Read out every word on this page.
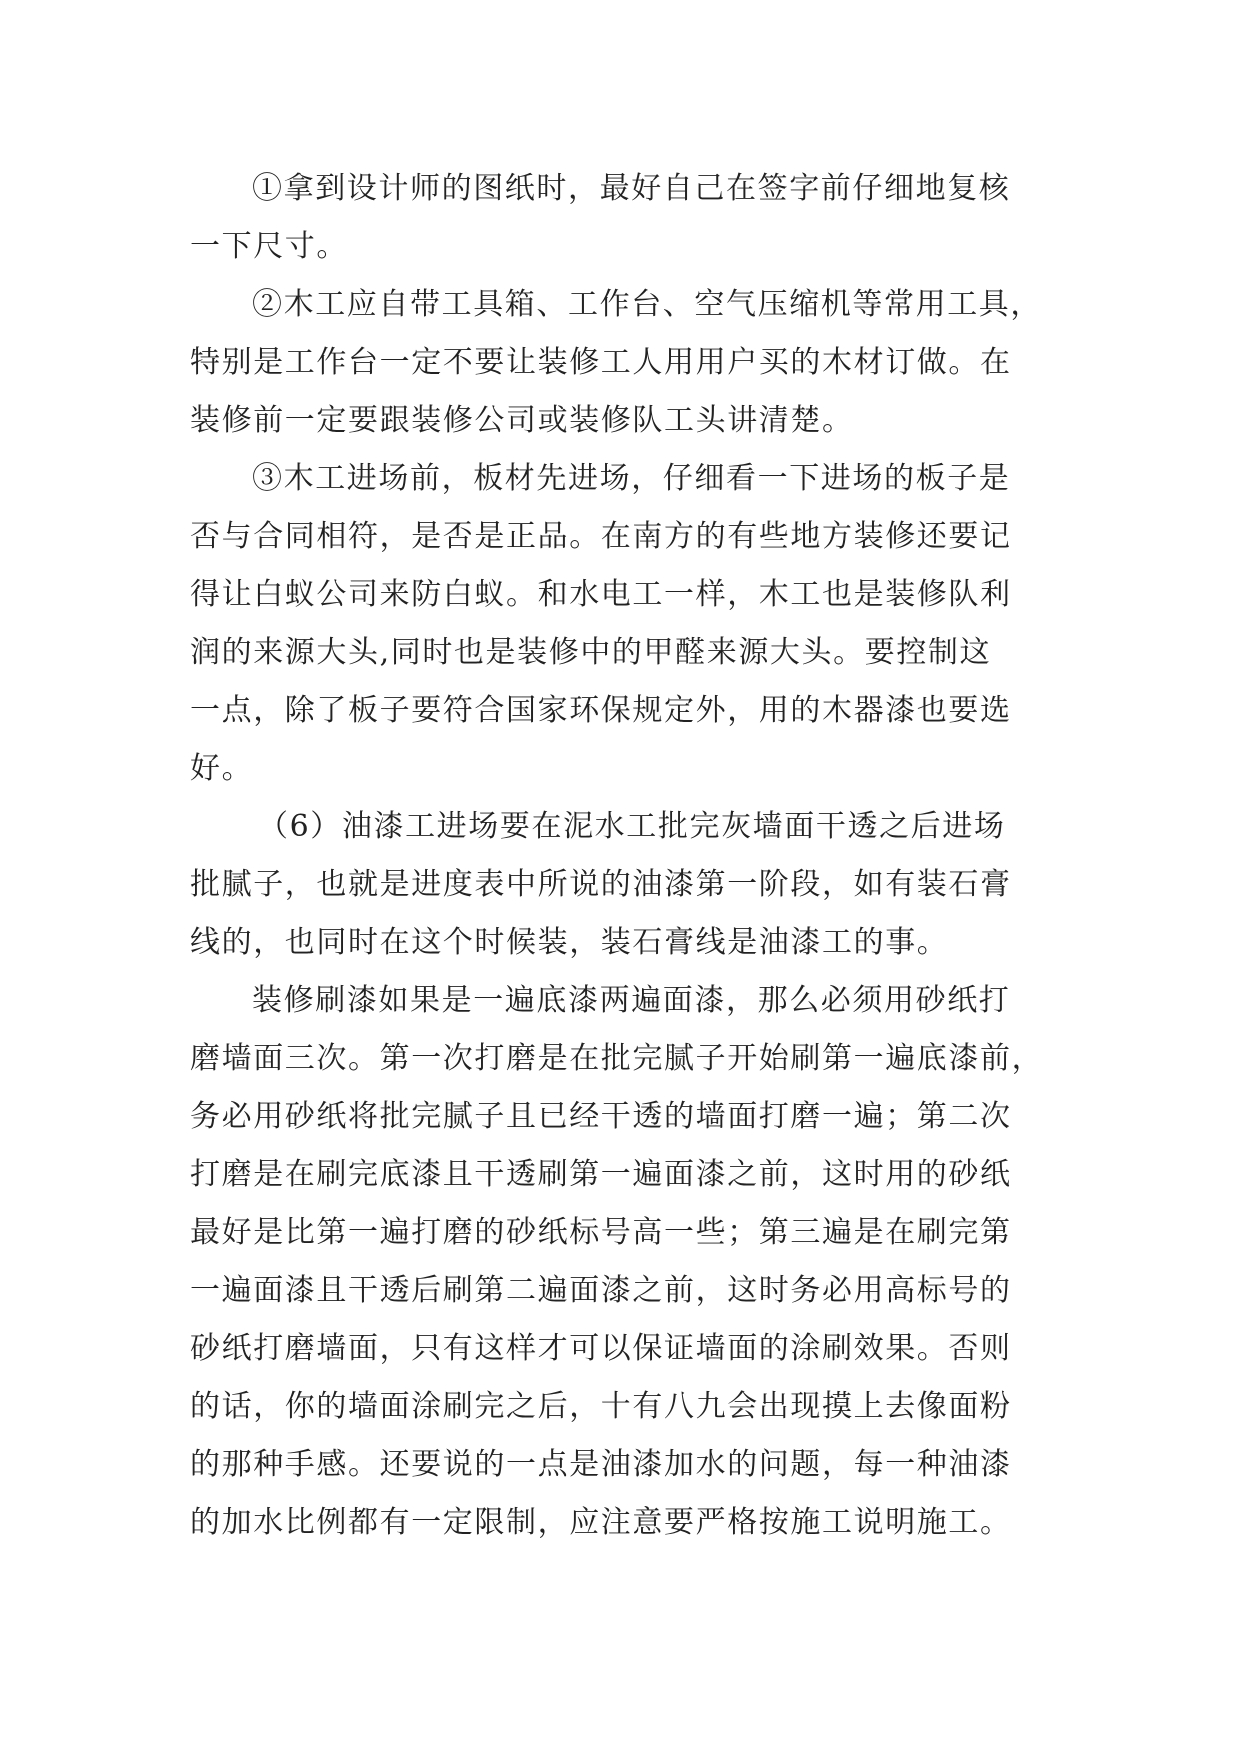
①拿到设计师的图纸时，最好自己在签字前仔细地复核
一下尺寸。
②木工应自带工具箱、工作台、空气压缩机等常用工具，
特别是工作台一定不要让装修工人用用户买的木材订做。在
装修前一定要跟装修公司或装修队工头讲清楚。
③木工进场前，板材先进场，仔细看一下进场的板子是
否与合同相符，是否是正品。在南方的有些地方装修还要记
得让白蚁公司来防白蚁。和水电工一样，木工也是装修队利
润的来源大头,同时也是装修中的甲醛来源大头。要控制这
一点，除了板子要符合国家环保规定外，用的木器漆也要选
好。
（6）油漆工进场要在泥水工批完灰墙面干透之后进场
批腻子，也就是进度表中所说的油漆第一阶段，如有装石膏
线的，也同时在这个时候装，装石膏线是油漆工的事。
装修刷漆如果是一遍底漆两遍面漆，那么必须用砂纸打
磨墙面三次。第一次打磨是在批完腻子开始刷第一遍底漆前，
务必用砂纸将批完腻子且已经干透的墙面打磨一遍；第二次
打磨是在刷完底漆且干透刷第一遍面漆之前，这时用的砂纸
最好是比第一遍打磨的砂纸标号高一些；第三遍是在刷完第
一遍面漆且干透后刷第二遍面漆之前，这时务必用高标号的
砂纸打磨墙面，只有这样才可以保证墙面的涂刷效果。否则
的话，你的墙面涂刷完之后，十有八九会出现摸上去像面粉
的那种手感。还要说的一点是油漆加水的问题，每一种油漆
的加水比例都有一定限制，应注意要严格按施工说明施工。
